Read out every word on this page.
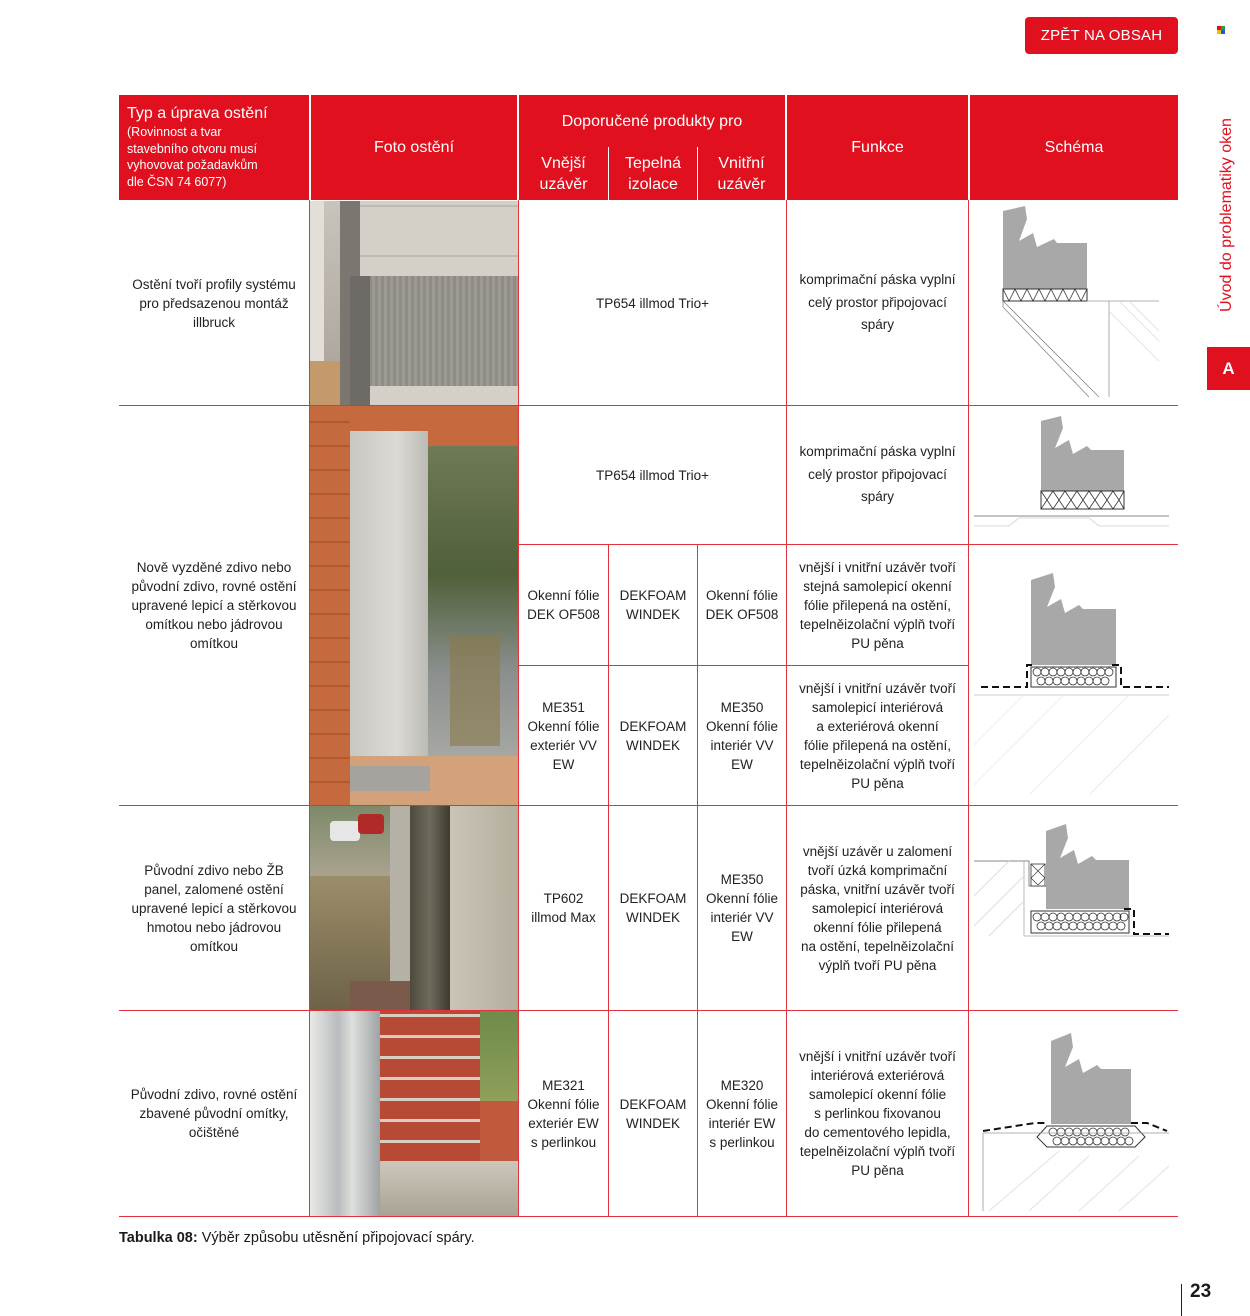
ZPĚT NA OBSAH
Úvod do problematiky oken
A
Typ a úprava ostění
(Rovinnost a tvar
stavebního otvoru musí
vyhovovat požadavkům
dle ČSN 74 6077)
Foto ostění
Doporučené produkty pro
Vnější
uzávěr
Tepelná
izolace
Vnitřní
uzávěr
Funkce	Schéma
Ostění tvoří profily systému
pro předsazenou montáž
illbruck
TP654 illmod Trio+
komprimační páska vyplní
celý prostor připojovací
spáry
Nově vyzděné zdivo nebo
původní zdivo, rovné ostění
upravené lepicí a stěrkovou
omítkou nebo jádrovou
omítkou
TP654 illmod Trio+
komprimační páska vyplní
celý prostor připojovací
spáry
Okenní fólie
DEK OF508
DEKFOAM
WINDEK
Okenní fólie
DEK OF508
vnější i vnitřní uzávěr tvoří
stejná samolepicí okenní
fólie přilepená na ostění,
tepelněizolační výplň tvoří
PU pěna
ME351
Okenní fólie
exteriér VV
EW
DEKFOAM
WINDEK
ME350
Okenní fólie
interiér VV
EW
vnější i vnitřní uzávěr tvoří
samolepicí interiérová
a exteriérová okenní
fólie přilepená na ostění,
tepelněizolační výplň tvoří
PU pěna
Původní zdivo nebo ŽB
panel, zalomené ostění
upravené lepicí a stěrkovou
hmotou nebo jádrovou
omítkou
TP602
illmod Max
DEKFOAM
WINDEK
ME350
Okenní fólie
interiér VV
EW
vnější uzávěr u zalomení
tvoří úzká komprimační
páska, vnitřní uzávěr tvoří
samolepicí interiérová
okenní fólie přilepená
na ostění, tepelněizolační
výplň tvoří PU pěna
Původní zdivo, rovné ostění
zbavené původní omítky,
očištěné
ME321
Okenní fólie
exteriér EW
s perlinkou
DEKFOAM
WINDEK
ME320
Okenní fólie
interiér EW
s perlinkou
vnější i vnitřní uzávěr tvoří
interiérová exteriérová
samolepicí okenní fólie
s perlinkou fixovanou
do cementového lepidla,
tepelněizolační výplň tvoří
PU pěna
Tabulka 08: Výběr způsobu utěsnění připojovací spáry.
23
